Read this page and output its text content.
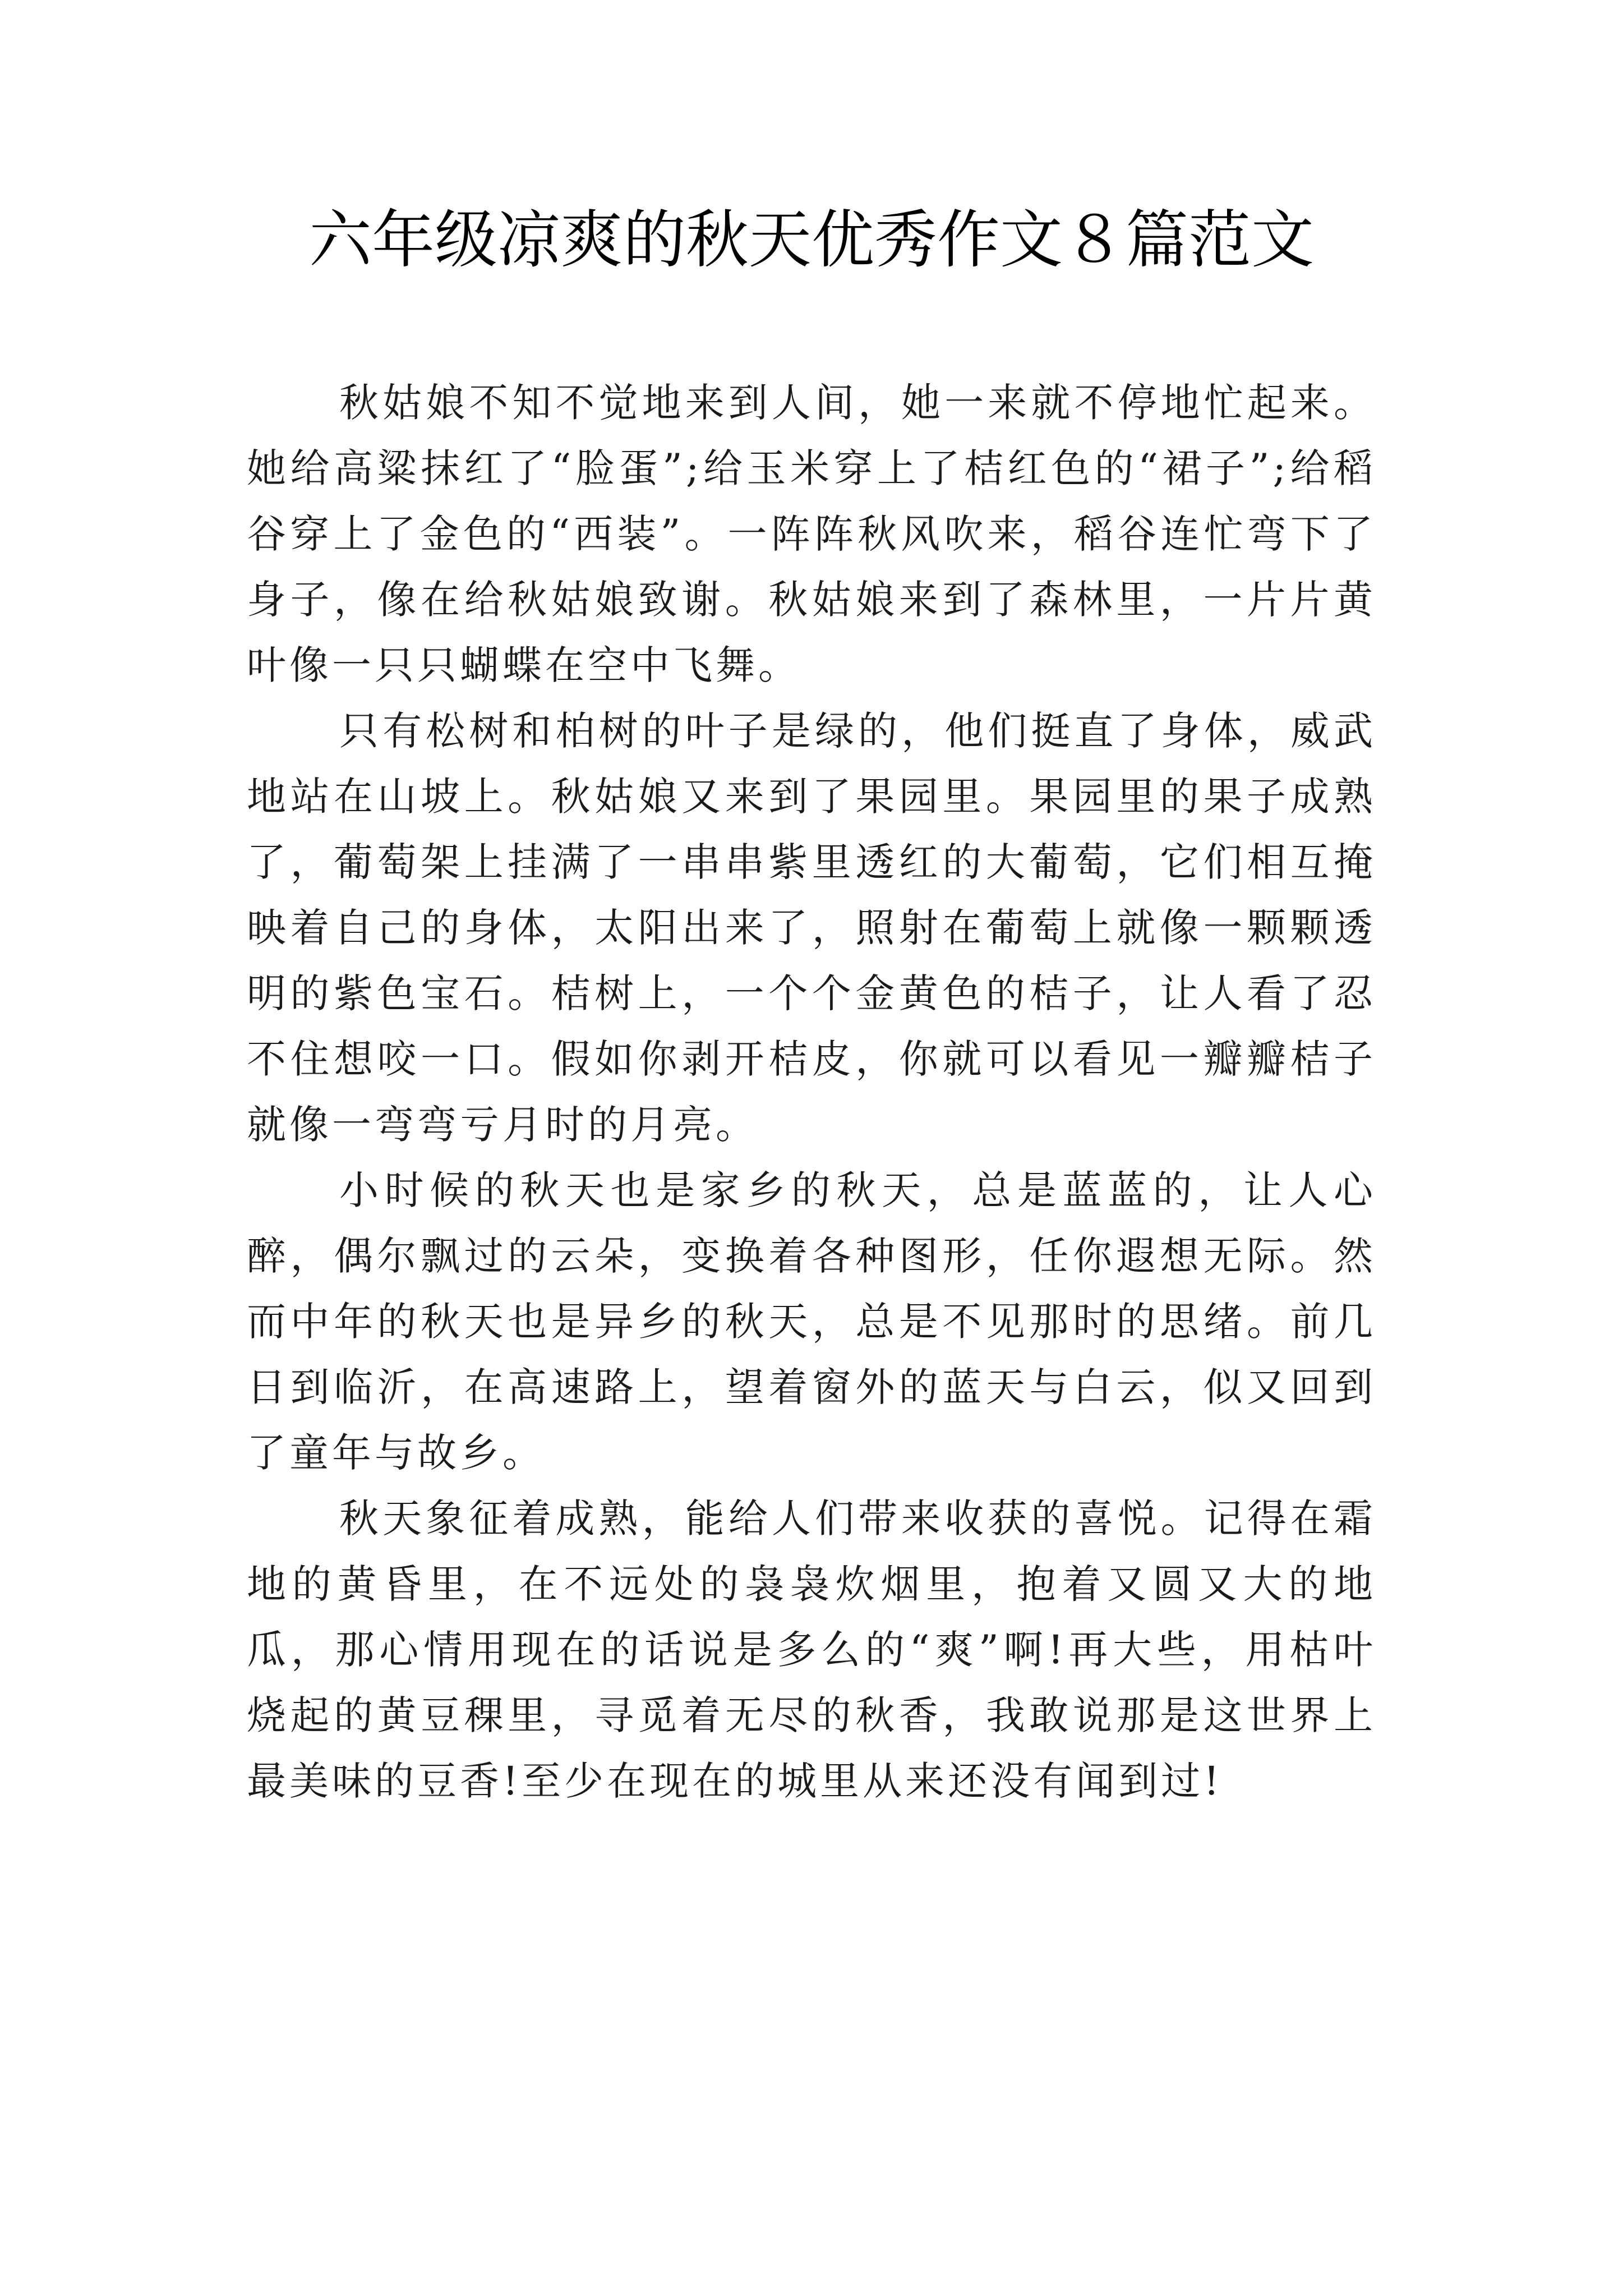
六年级凉爽的秋天优秀作文８篇范文

秋姑娘不知不觉地来到人间，她一来就不停地忙起来。她给高粱抹红了“脸蛋”;给玉米穿上了桔红色的“裙子”;给稻谷穿上了金色的“西装”。一阵阵秋风吹来，稻谷连忙弯下了身子，像在给秋姑娘致谢。秋姑娘来到了森林里，一片片黄叶像一只只蝴蝶在空中飞舞。

只有松树和柏树的叶子是绿的，他们挺直了身体，威武地站在山坡上。秋姑娘又来到了果园里。果园里的果子成熟了，葡萄架上挂满了一串串紫里透红的大葡萄，它们相互掩映着自己的身体，太阳出来了，照射在葡萄上就像一颗颗透明的紫色宝石。桔树上，一个个金黄色的桔子，让人看了忍不住想咬一口。假如你剥开桔皮，你就可以看见一瓣瓣桔子就像一弯弯亏月时的月亮。

小时候的秋天也是家乡的秋天，总是蓝蓝的，让人心醉，偶尔飘过的云朵，变换着各种图形，任你遐想无际。然而中年的秋天也是异乡的秋天，总是不见那时的思绪。前几日到临沂，在高速路上，望着窗外的蓝天与白云，似又回到了童年与故乡。

秋天象征着成熟，能给人们带来收获的喜悦。记得在霜地的黄昏里，在不远处的袅袅炊烟里，抱着又圆又大的地瓜，那心情用现在的话说是多么的“爽”啊!再大些，用枯叶烧起的黄豆稞里，寻觅着无尽的秋香，我敢说那是这世界上最美味的豆香!至少在现在的城里从来还没有闻到过!
